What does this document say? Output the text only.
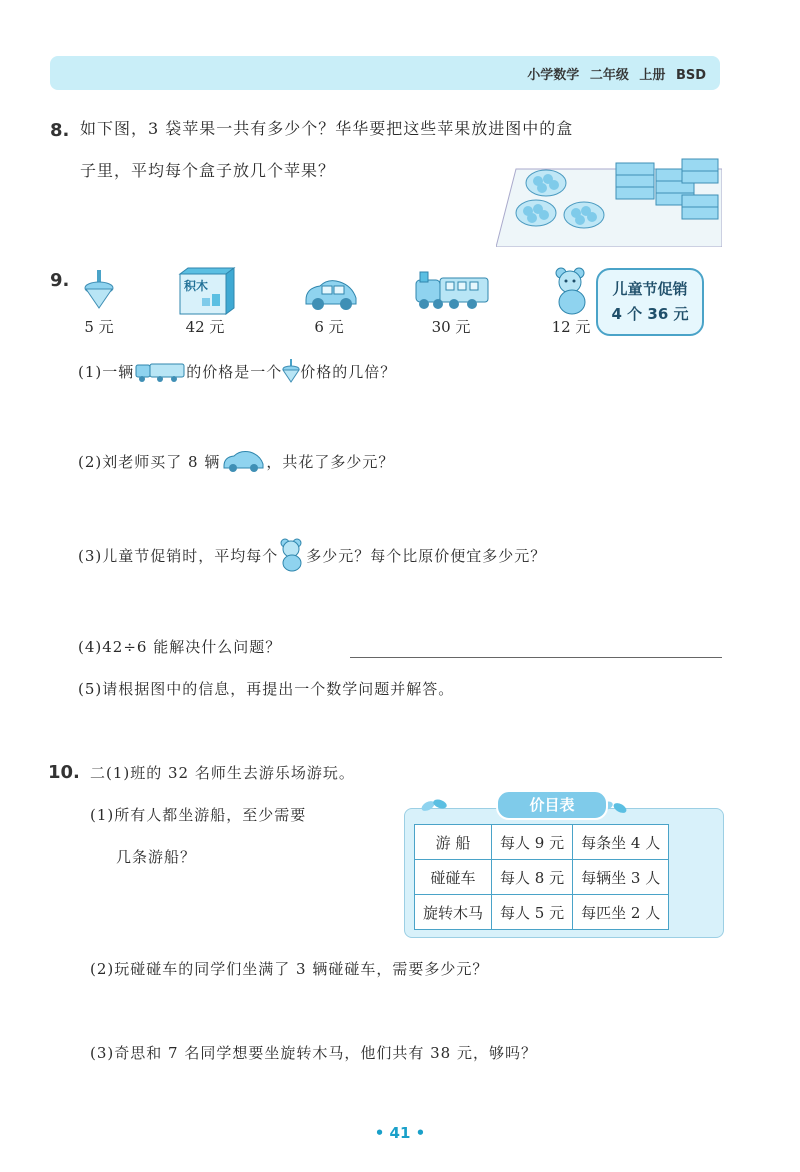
小学数学 二年级 上册 BSD
8. 如下图，3 袋苹果一共有多少个？华华要把这些苹果放进图中的盒
子里，平均每个盒子放几个苹果？
9.
5 元
积木
42 元	6 元	30 元	12 元
儿童节促销
4 个 36 元
(1)一辆	的价格是一个 价格的几倍？
(2)刘老师买了 8 辆	，共花了多少元？
(3)儿童节促销时，平均每个 多少元？每个比原价便宜多少元？
(4)42÷6 能解决什么问题？
(5)请根据图中的信息，再提出一个数学问题并解答。
10. 二(1)班的 32 名师生去游乐场游玩。
(1)所有人都坐游船，至少需要
几条游船？
价目表
游 船	每人 9 元	每条坐 4 人
碰碰车	每人 8 元	每辆坐 3 人
旋转木马	每人 5 元	每匹坐 2 人
(2)玩碰碰车的同学们坐满了 3 辆碰碰车，需要多少元？
(3)奇思和 7 名同学想要坐旋转木马，他们共有 38 元，够吗？
• 41 •
